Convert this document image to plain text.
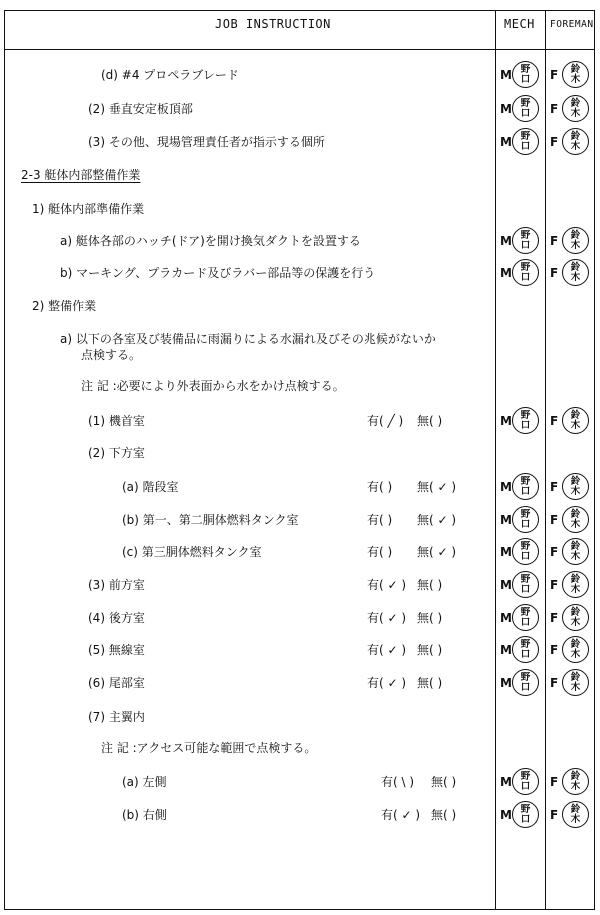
JOB INSTRUCTION	MECH FOREMAN
(d) #4 プロペラブレード
(2) 垂直安定板頂部
(3) その他、現場管理責任者が指示する個所
2-3 艇体内部整備作業
1) 艇体内部準備作業
a) 艇体各部のハッチ(ドア)を開け換気ダクトを設置する
b) マーキング、プラカード及びラバー部品等の保護を行う
2) 整備作業
a) 以下の各室及び装備品に雨漏りによる水漏れ及びその兆候がないか
点検する。
注 記 :必要により外表面から水をかけ点検する。
(1) 機首室
(2) 下方室
(a) 階段室
(b) 第一、第二胴体燃料タンク室
(c) 第三胴体燃料タンク室
(3) 前方室
(4) 後方室
(5) 無線室
(6) 尾部室
(7) 主翼内
注 記 :アクセス可能な範囲で点検する。
(a) 左側
(b) 右側
有( ╱ ) 無( )
有( ) 無( ✓ )
有( ) 無( ✓ )
有( ) 無( ✓ )
有( ✓ ) 無( )
有( ✓ ) 無( )
有( ✓ ) 無( )
有( ✓ ) 無( )
有( \ ) 無( )
有( ✓ ) 無( )
M 野
口 F 鈴
木
M 野
口 F 鈴
木
M 野
口 F 鈴
木
M 野
口 F 鈴
木
M 野
口 F 鈴
木
M 野
口 F 鈴
木
M 野
口 F 鈴
木
M 野
口 F 鈴
木
M 野
口 F 鈴
木
M 野
口 F 鈴
木
M 野
口 F 鈴
木
M 野
口 F 鈴
木
M 野
口 F 鈴
木
M 野
口 F 鈴
木
M 野
口 F 鈴
木
